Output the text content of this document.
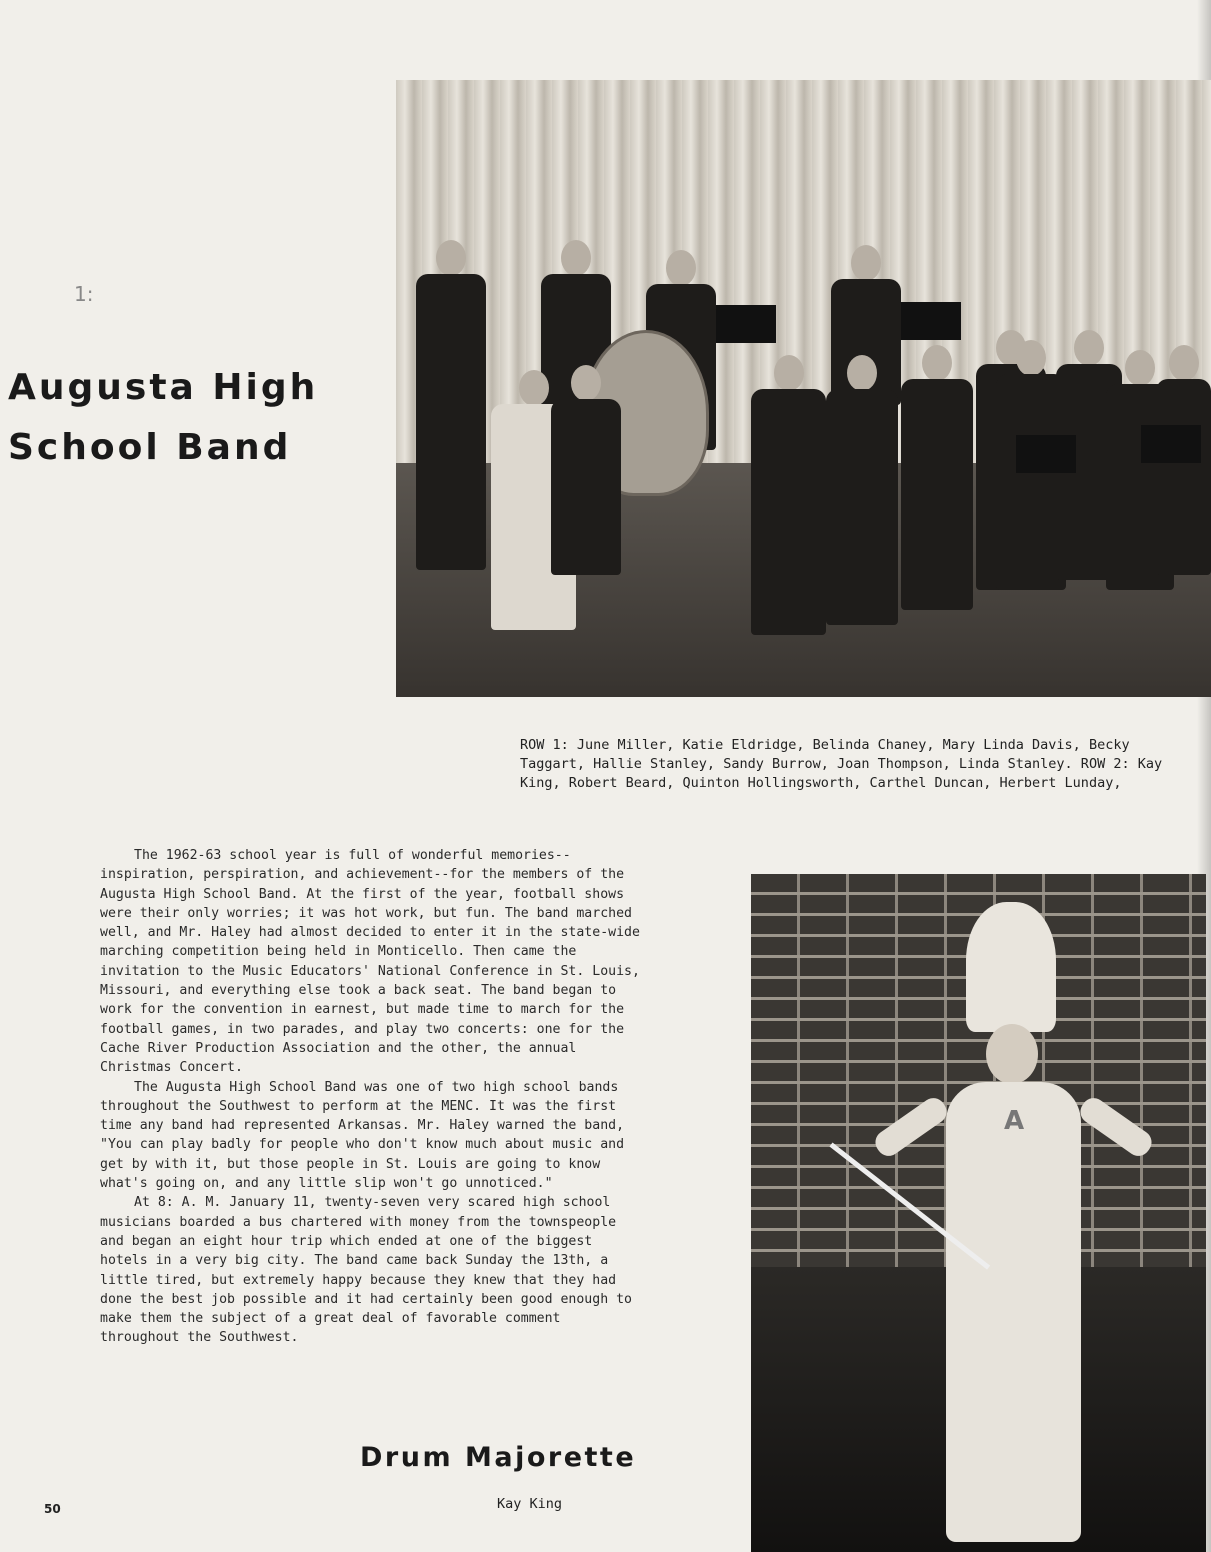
1:
Augusta High
School Band
ROW 1: June Miller, Katie Eldridge, Belinda Chaney, Mary Linda Davis, Becky Taggart, Hallie Stanley, Sandy Burrow, Joan Thompson, Linda Stanley. ROW 2: Kay King, Robert Beard, Quinton Hollingsworth, Carthel Duncan, Herbert Lunday,

The 1962-63 school year is full of wonderful memories--inspiration, perspiration, and achievement--for the members of the Augusta High School Band. At the first of the year, football shows were their only worries; it was hot work, but fun. The band marched well, and Mr. Haley had almost decided to enter it in the state-wide marching competition being held in Monticello. Then came the invitation to the Music Educators' National Conference in St. Louis, Missouri, and everything else took a back seat. The band began to work for the convention in earnest, but made time to march for the football games, in two parades, and play two concerts: one for the Cache River Production Association and the other, the annual Christmas Concert.

The Augusta High School Band was one of two high school bands throughout the Southwest to perform at the MENC. It was the first time any band had represented Arkansas. Mr. Haley warned the band, "You can play badly for people who don't know much about music and get by with it, but those people in St. Louis are going to know what's going on, and any little slip won't go unnoticed."

At 8: A. M. January 11, twenty-seven very scared high school musicians boarded a bus chartered with money from the townspeople and began an eight hour trip which ended at one of the biggest hotels in a very big city. The band came back Sunday the 13th, a little tired, but extremely happy because they knew that they had done the best job possible and it had certainly been good enough to make them the subject of a great deal of favorable comment throughout the Southwest.

A
Drum Majorette
Kay King
50
